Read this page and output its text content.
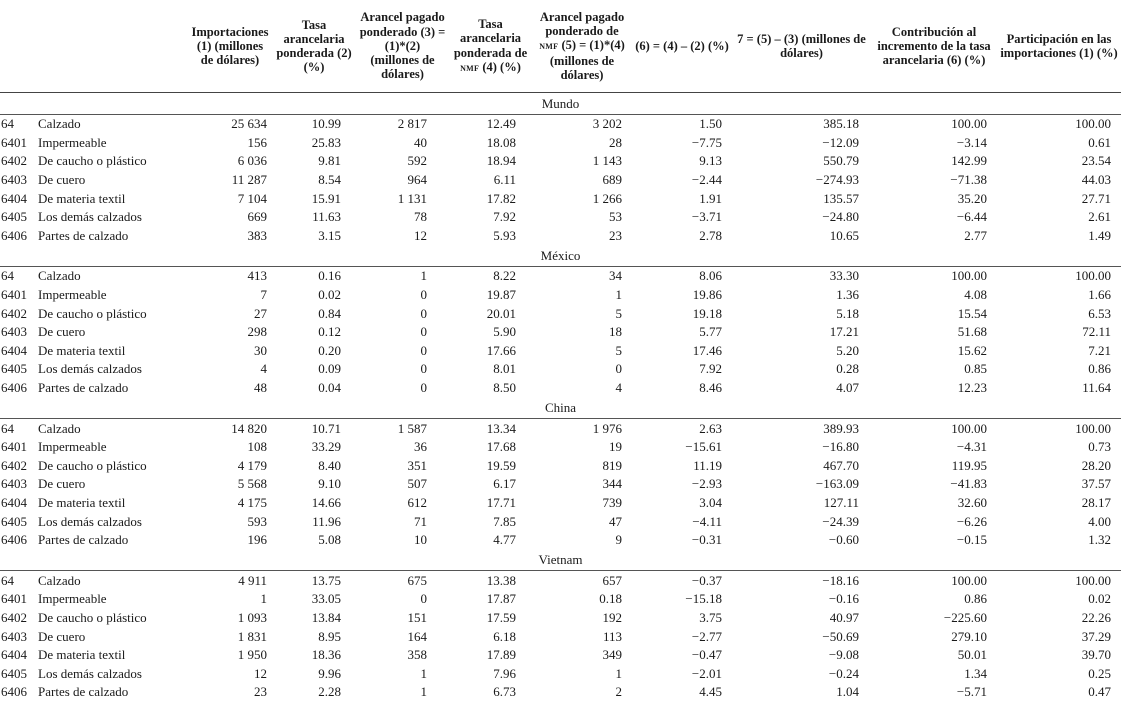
		Importaciones (1) (millones de dólares)	Tasa arancelaria ponderada (2) (%)	Arancel pagado ponderado (3) = (1)*(2) (millones de dólares)	Tasa arancelaria ponderada de nmf (4) (%)	Arancel pagado ponderado de nmf (5) = (1)*(4) (millones de dólares)	(6) = (4) – (2) (%)	7 = (5) – (3) (millones de dólares)	Contribución al incremento de la tasa arancelaria (6) (%)	Participación en las importaciones (1) (%)
Mundo										
64	Calzado	25 634	10.99	2 817	12.49	3 202	1.50	385.18	100.00	100.00
6401	Impermeable	156	25.83	40	18.08	28	−7.75	−12.09	−3.14	0.61
6402	De caucho o plástico	6 036	9.81	592	18.94	1 143	9.13	550.79	142.99	23.54
6403	De cuero	11 287	8.54	964	6.11	689	−2.44	−274.93	−71.38	44.03
6404	De materia textil	7 104	15.91	1 131	17.82	1 266	1.91	135.57	35.20	27.71
6405	Los demás calzados	669	11.63	78	7.92	53	−3.71	−24.80	−6.44	2.61
6406	Partes de calzado	383	3.15	12	5.93	23	2.78	10.65	2.77	1.49
México										
64	Calzado	413	0.16	1	8.22	34	8.06	33.30	100.00	100.00
6401	Impermeable	7	0.02	0	19.87	1	19.86	1.36	4.08	1.66
6402	De caucho o plástico	27	0.84	0	20.01	5	19.18	5.18	15.54	6.53
6403	De cuero	298	0.12	0	5.90	18	5.77	17.21	51.68	72.11
6404	De materia textil	30	0.20	0	17.66	5	17.46	5.20	15.62	7.21
6405	Los demás calzados	4	0.09	0	8.01	0	7.92	0.28	0.85	0.86
6406	Partes de calzado	48	0.04	0	8.50	4	8.46	4.07	12.23	11.64
China										
64	Calzado	14 820	10.71	1 587	13.34	1 976	2.63	389.93	100.00	100.00
6401	Impermeable	108	33.29	36	17.68	19	−15.61	−16.80	−4.31	0.73
6402	De caucho o plástico	4 179	8.40	351	19.59	819	11.19	467.70	119.95	28.20
6403	De cuero	5 568	9.10	507	6.17	344	−2.93	−163.09	−41.83	37.57
6404	De materia textil	4 175	14.66	612	17.71	739	3.04	127.11	32.60	28.17
6405	Los demás calzados	593	11.96	71	7.85	47	−4.11	−24.39	−6.26	4.00
6406	Partes de calzado	196	5.08	10	4.77	9	−0.31	−0.60	−0.15	1.32
Vietnam										
64	Calzado	4 911	13.75	675	13.38	657	−0.37	−18.16	100.00	100.00
6401	Impermeable	1	33.05	0	17.87	0.18	−15.18	−0.16	0.86	0.02
6402	De caucho o plástico	1 093	13.84	151	17.59	192	3.75	40.97	−225.60	22.26
6403	De cuero	1 831	8.95	164	6.18	113	−2.77	−50.69	279.10	37.29
6404	De materia textil	1 950	18.36	358	17.89	349	−0.47	−9.08	50.01	39.70
6405	Los demás calzados	12	9.96	1	7.96	1	−2.01	−0.24	1.34	0.25
6406	Partes de calzado	23	2.28	1	6.73	2	4.45	1.04	−5.71	0.47
